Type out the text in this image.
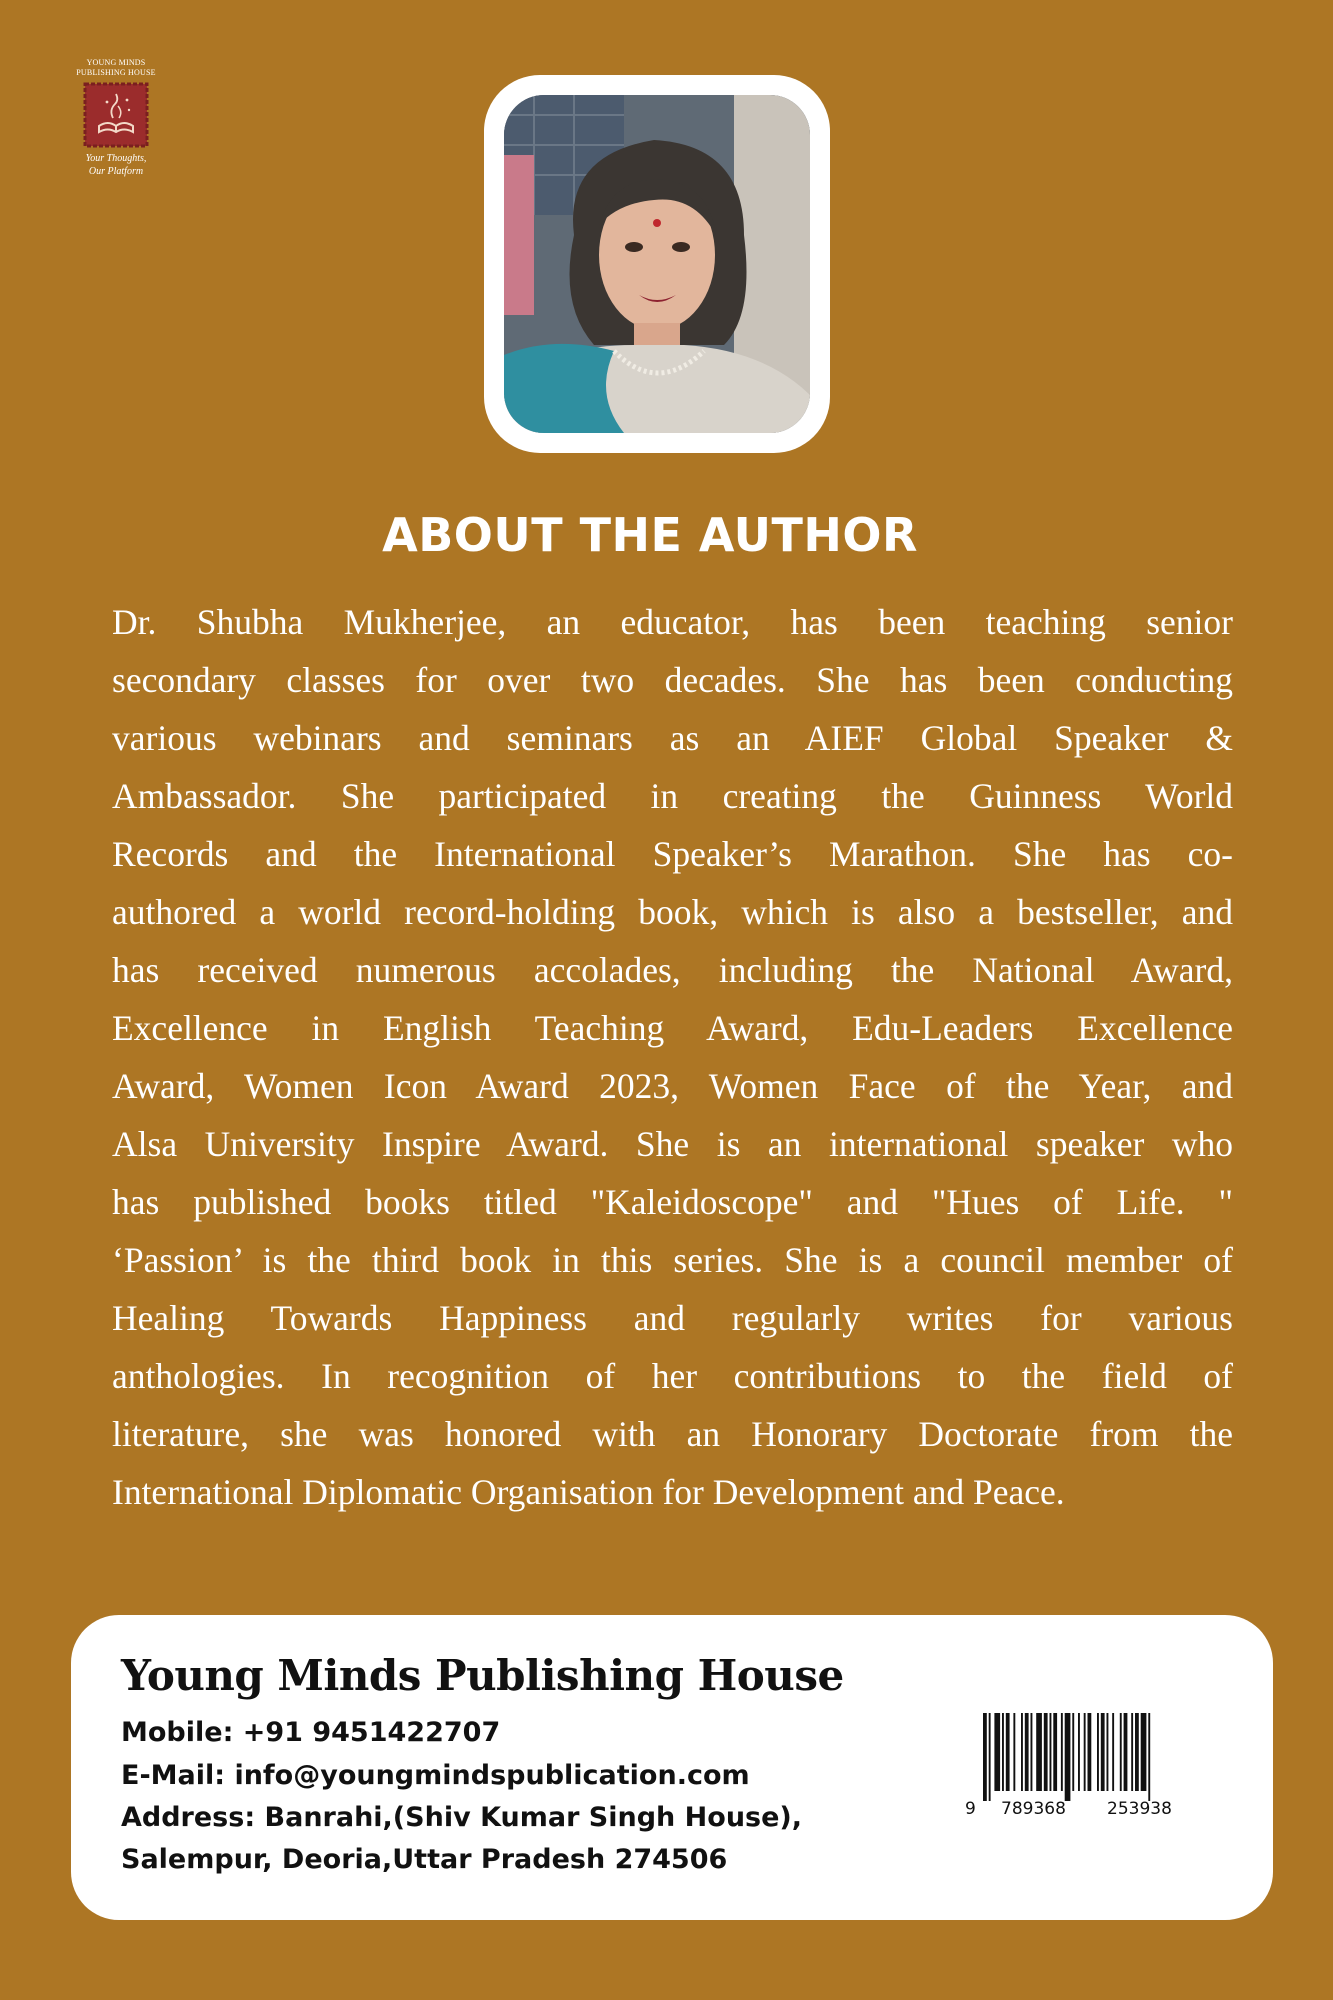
YOUNG MINDS
PUBLISHING HOUSE
Your Thoughts,
Our Platform
ABOUT THE AUTHOR
Dr. Shubha Mukherjee, an educator, has been teaching senior
secondary classes for over two decades. She has been conducting
various webinars and seminars as an AIEF Global Speaker &
Ambassador. She participated in creating the Guinness World
Records and the International Speaker’s Marathon. She has co-
authored a world record-holding book, which is also a bestseller, and
has received numerous accolades, including the National Award,
Excellence in English Teaching Award, Edu-Leaders Excellence
Award, Women Icon Award 2023, Women Face of the Year, and
Alsa University Inspire Award. She is an international speaker who
has published books titled "Kaleidoscope" and "Hues of Life. "
‘Passion’ is the third book in this series. She is a council member of
Healing Towards Happiness and regularly writes for various
anthologies. In recognition of her contributions to the field of
literature, she was honored with an Honorary Doctorate from the
International Diplomatic Organisation for Development and Peace.
Young Minds Publishing House

Mobile: +91 9451422707

E-Mail: info@youngmindspublication.com

Address: Banrahi,(Shiv Kumar Singh House),

Salempur, Deoria,Uttar Pradesh 274506

9 789368 253938
